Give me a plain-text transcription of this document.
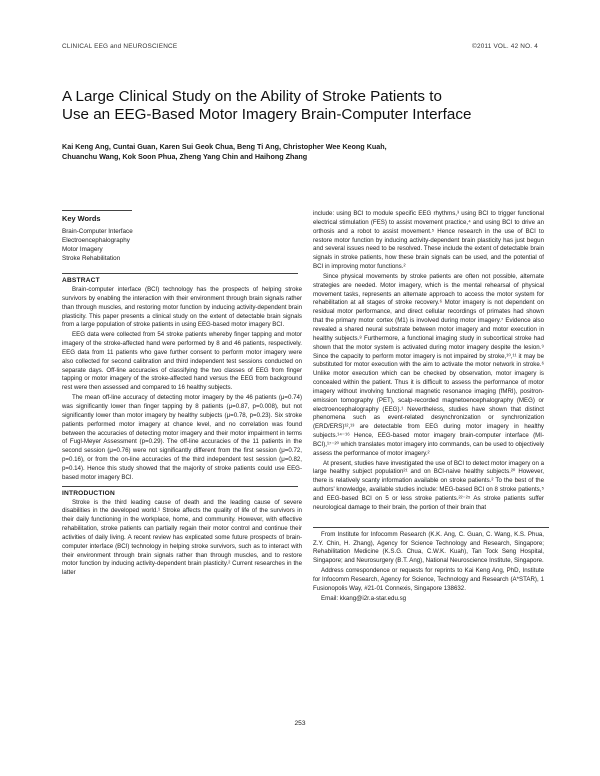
CLINICAL EEG and NEUROSCIENCE	©2011 VOL. 42 NO. 4
A Large Clinical Study on the Ability of Stroke Patients to
Use an EEG-Based Motor Imagery Brain-Computer Interface
Kai Keng Ang, Cuntai Guan, Karen Sui Geok Chua, Beng Ti Ang, Christopher Wee Keong Kuah,
Chuanchu Wang, Kok Soon Phua, Zheng Yang Chin and Haihong Zhang
Key Words
Brain-Computer Interface
Electroencephalography
Motor Imagery
Stroke Rehabilitation
ABSTRACT

Brain-computer interface (BCI) technology has the prospects of helping stroke survivors by enabling the interaction with their environment through brain signals rather than through muscles, and restoring motor function by inducing activity-dependent brain plasticity. This paper presents a clinical study on the extent of detectable brain signals from a large population of stroke patients in using EEG-based motor imagery BCI.

EEG data were collected from 54 stroke patients whereby finger tapping and motor imagery of the stroke-affected hand were performed by 8 and 46 patients, respectively. EEG data from 11 patients who gave further consent to perform motor imagery were also collected for second calibration and third independent test sessions conducted on separate days. Off-line accuracies of classifying the two classes of EEG from finger tapping or motor imagery of the stroke-affected hand versus the EEG from background rest were then assessed and compared to 16 healthy subjects.

The mean off-line accuracy of detecting motor imagery by the 46 patients (μ=0.74) was significantly lower than finger tapping by 8 patients (μ=0.87, p=0.008), but not significantly lower than motor imagery by healthy subjects (μ=0.78, p=0.23). Six stroke patients performed motor imagery at chance level, and no correlation was found between the accuracies of detecting motor imagery and their motor impairment in terms of Fugl-Meyer Assessment (p=0.29). The off-line accuracies of the 11 patients in the second session (μ=0.76) were not significantly different from the first session (μ=0.72, p=0.16), or from the on-line accuracies of the third independent test session (μ=0.82, p=0.14). Hence this study showed that the majority of stroke patients could use EEG-based motor imagery BCI.

INTRODUCTION

Stroke is the third leading cause of death and the leading cause of severe disabilities in the developed world.¹ Stroke affects the quality of life of the survivors in their daily functioning in the workplace, home, and community. However, with effective rehabilitation, stroke patients can partially regain their motor control and continue their activities of daily living. A recent review has explicated some future prospects of brain-computer interface (BCI) technology in helping stroke survivors, such as to interact with their environment through brain signals rather than through muscles, and to restore motor function by inducing activity-dependent brain plasticity.² Current researches in the latter

include: using BCI to module specific EEG rhythms,³ using BCI to trigger functional electrical stimulation (FES) to assist movement practice,⁴ and using BCI to drive an orthosis and a robot to assist movement.⁵ Hence research in the use of BCI to restore motor function by inducing activity-dependent brain plasticity has just begun and several issues need to be resolved. These include the extent of detectable brain signals in stroke patients, how these brain signals can be used, and the potential of BCI in improving motor functions.²

Since physical movements by stroke patients are often not possible, alternate strategies are needed. Motor imagery, which is the mental rehearsal of physical movement tasks, represents an alternate approach to access the motor system for rehabilitation at all stages of stroke recovery.⁶ Motor imagery is not dependent on residual motor performance, and direct cellular recordings of primates had shown that the primary motor cortex (M1) is involved during motor imagery.⁷ Evidence also revealed a shared neural substrate between motor imagery and motor execution in healthy subjects.⁸ Furthermore, a functional imaging study in subcortical stroke had shown that the motor system is activated during motor imagery despite the lesion.⁹ Since the capacity to perform motor imagery is not impaired by stroke,¹⁰,¹¹ it may be substituted for motor execution with the aim to activate the motor network in stroke.⁶ Unlike motor execution which can be checked by observation, motor imagery is concealed within the patient. Thus it is difficult to assess the performance of motor imagery without involving functional magnetic resonance imaging (fMRI), positron-emission tomography (PET), scalp-recorded magnetoencephalography (MEG) or electroencephalography (EEG).¹ Nevertheless, studies have shown that distinct phenomena such as event-related desynchronization or synchronization (ERD/ERS)¹²,¹³ are detectable from EEG during motor imagery in healthy subjects.¹⁴⁻¹⁶ Hence, EEG-based motor imagery brain-computer interface (MI-BCI),¹⁷⁻²⁰ which translates motor imagery into commands, can be used to objectively assess the performance of motor imagery.²

At present, studies have investigated the use of BCI to detect motor imagery on a large healthy subject population²¹ and on BCI-naive healthy subjects.²⁰ However, there is relatively scanty information available on stroke patients.² To the best of the authors' knowledge, available studies include: MEG-based BCI on 8 stroke patients,⁵ and EEG-based BCI on 5 or less stroke patients.²²⁻²⁵ As stroke patients suffer neurological damage to their brain, the portion of their brain that

From Institute for Infocomm Research (K.K. Ang, C. Guan, C. Wang, K.S. Phua, Z.Y. Chin, H. Zhang), Agency for Science Technology and Research, Singapore; Rehabilitation Medicine (K.S.G. Chua, C.W.K. Kuah), Tan Tock Seng Hospital, Singapore; and Neurosurgery (B.T. Ang), National Neuroscience Institute, Singapore.

Address correspondence or requests for reprints to Kai Keng Ang, PhD, Institute for Infocomm Research, Agency for Science, Technology and Research (A*STAR), 1 Fusionopolis Way, #21-01 Connexis, Singapore 138632.

Email: kkang@i2r.a-star.edu.sg

253
